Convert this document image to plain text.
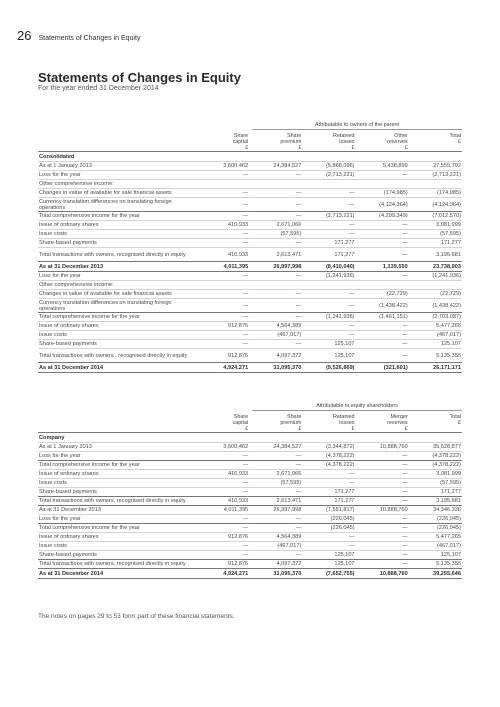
26 Statements of Changes in Equity
Statements of Changes in Equity
For the year ended 31 December 2014
Attributable to owners of the parent
Share
capital
£
Share
premium
£
Retained
losses
£
Other
reserves
£
Total
£
Consolidated					
As at 1 January 2013	3,600,462	24,384,527	(5,868,096)	5,438,899	27,555,792
Loss for the year	—	—	(2,713,221)	—	(2,713,221)
Other comprehensive income:					
Changes in value of available for sale financial assets	—	—	—	(174,985)	(174,985)
Currency translation differences on translating foreign operations	—	—	—	(4,124,364)	(4,124,364)
Total comprehensive income for the year	—	—	(2,713,221)	(4,299,349)	(7,012,570)
Issue of ordinary shares	410,933	2,671,066	—	—	3,081,999
Issue costs	—	(57,595)	—	—	(57,595)
Share-based payments	—	—	171,277	—	171,277
Total transactions with owners, recognised directly in equity	410,933	2,613,471	171,277	—	3,195,681
As at 31 December 2013	4,011,395	26,997,998	(8,410,040)	1,139,550	23,738,903
Loss for the year	—	—	(1,241,936)	—	(1,241,936)
Other comprehensive income:					
Changes in value of available for sale financial assets	—	—	—	(22,729)	(22,729)
Currency translation differences on translating foreign operations	—	—	—	(1,438,422)	(1,438,422)
Total comprehensive income for the year	—	—	(1,241,936)	(1,461,151)	(2,703,087)
Issue of ordinary shares	912,876	4,564,389	—	—	5,477,265
Issue costs	—	(467,017)	—	—	(467,017)
Share-based payments	—	—	125,107	—	125,107
Total transactions with owners , recognised directly in equity	912,876	4,097,372	125,107	—	5,135,355
As at 31 December 2014	4,924,271	31,095,370	(9,526,869)	(321,601)	26,171,171
Attributable to equity shareholders
Share
capital
£
Share
premium
£
Retained
losses
£
Merger
reserves
£
Total
£
Company					
As at 1 January 2013	3,600,462	24,384,527	(3,344,872)	10,888,760	35,528,877
Loss for the year	—	—	(4,378,222)	—	(4,378,222)
Total comprehensive income for the year	—	—	(4,378,222)	—	(4,378,222)
Issue of ordinary shares	410,933	2,671,066	—	—	3,081,999
Issue costs	—	(57,595)	—	—	(57,595)
Share-based payments	—	—	171,277	—	171,277
Total transactions with owners, recognised directly in equity	410,933	2,613,471	171,277	—	3,195,681
As at 31 December 2013	4,011,395	26,997,998	(7,551,817)	10,888,760	34,346,336
Loss for the year	—	—	(226,045)	—	(226,045)
Total comprehensive income for the year	—	—	(226,045)	—	(226,045)
Issue of ordinary shares	912,876	4,564,389	—	—	5,477,265
Issue costs	—	(467,017)	—	—	(467,017)
Share-based payments	—	—	125,107	—	125,107
Total transactions with owners, recognised directly in equity	912,876	4,097,372	125,107	—	5,135,355
As at 31 December 2014	4,924,271	31,095,370	(7,652,755)	10,888,760	39,255,646
The notes on pages 29 to 53 form part of these financial statements.
